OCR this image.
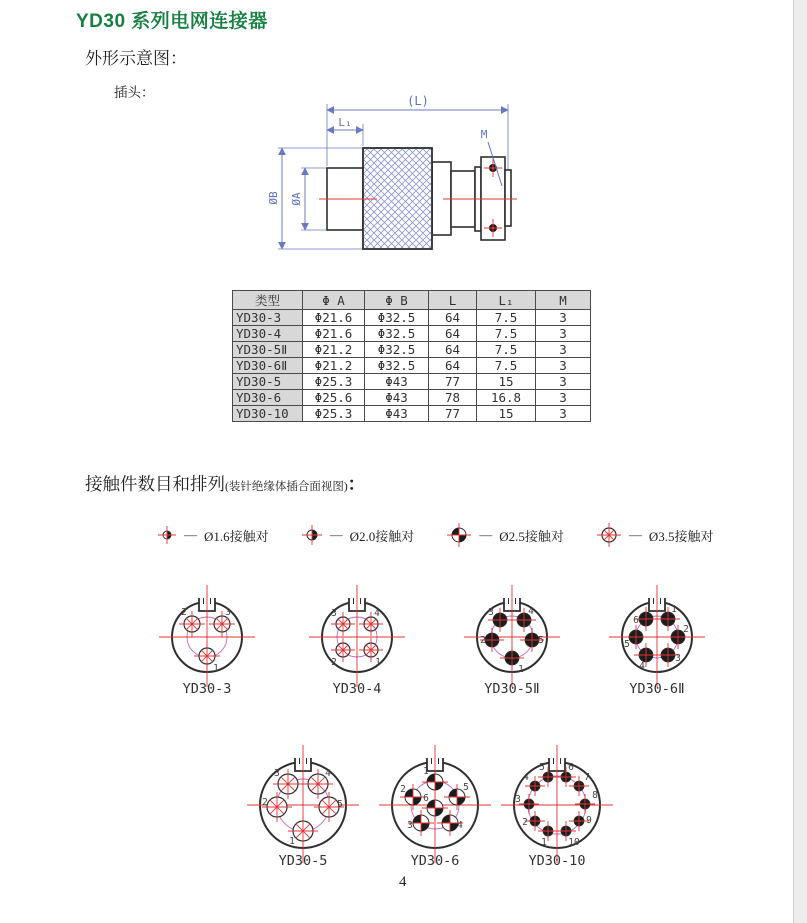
YD30 系列电网连接器
外形示意图：
插头：
(L)
L₁
ØB ØA
M
类型	Φ A	Φ B	L	L₁	M
YD30-3	Φ21.6	Φ32.5	64	7.5	3
YD30-4	Φ21.6	Φ32.5	64	7.5	3
YD30-5Ⅱ	Φ21.2	Φ32.5	64	7.5	3
YD30-6Ⅱ	Φ21.2	Φ32.5	64	7.5	3
YD30-5	Φ25.3	Φ43	77	15	3
YD30-6	Φ25.6	Φ43	78	16.8	3
YD30-10	Φ25.3	Φ43	77	15	3
接触件数目和排列(装针绝缘体插合面视图)：
— Ø1.6接触对	— Ø2.0接触对	— Ø2.5接触对	— Ø3.5接触对
2	3
1
YD30-3
3	4
2	1
YD30-4
3	4
2	5
1
YD30-5Ⅱ
6
1
5
2
4
3
YD30-6Ⅱ
3	4
2	5
1
YD30-5
1
2	5
3	4
6
YD30-6
5 6
4	7
3	8
2	9
1 10
YD30-10
4
